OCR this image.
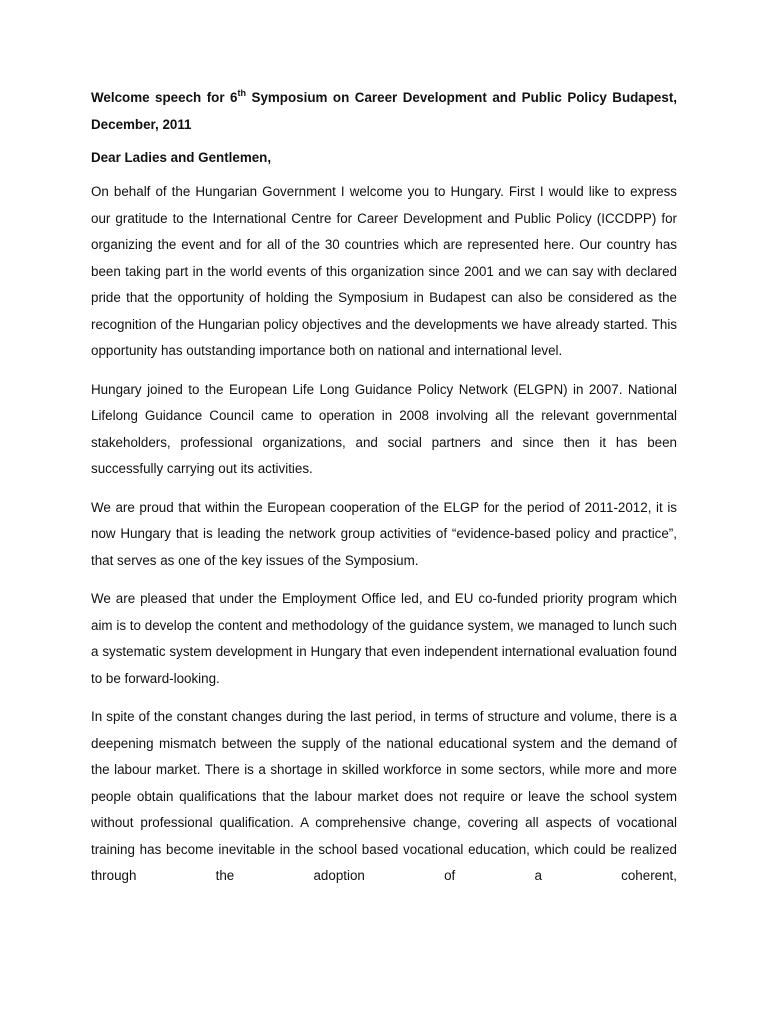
Welcome speech for 6th Symposium on Career Development and Public Policy Budapest, December, 2011

Dear Ladies and Gentlemen,

On behalf of the Hungarian Government I welcome you to Hungary. First I would like to express our gratitude to the International Centre for Career Development and Public Policy (ICCDPP) for organizing the event and for all of the 30 countries which are represented here. Our country has been taking part in the world events of this organization since 2001 and we can say with declared pride that the opportunity of holding the Symposium in Budapest can also be considered as the recognition of the Hungarian policy objectives and the developments we have already started. This opportunity has outstanding importance both on national and international level.

Hungary joined to the European Life Long Guidance Policy Network (ELGPN) in 2007. National Lifelong Guidance Council came to operation in 2008 involving all the relevant governmental stakeholders, professional organizations, and social partners and since then it has been successfully carrying out its activities.

We are proud that within the European cooperation of the ELGP for the period of 2011-2012, it is now Hungary that is leading the network group activities of “evidence-based policy and practice”, that serves as one of the key issues of the Symposium.

We are pleased that under the Employment Office led, and EU co-funded priority program which aim is to develop the content and methodology of the guidance system, we managed to lunch such a systematic system development in Hungary that even independent international evaluation found to be forward-looking.

In spite of the constant changes during the last period, in terms of structure and volume, there is a deepening mismatch between the supply of the national educational system and the demand of the labour market. There is a shortage in skilled workforce in some sectors, while more and more people obtain qualifications that the labour market does not require or leave the school system without professional qualification. A comprehensive change, covering all aspects of vocational training has become inevitable in the school based vocational education, which could be realized through the adoption of a coherent,
